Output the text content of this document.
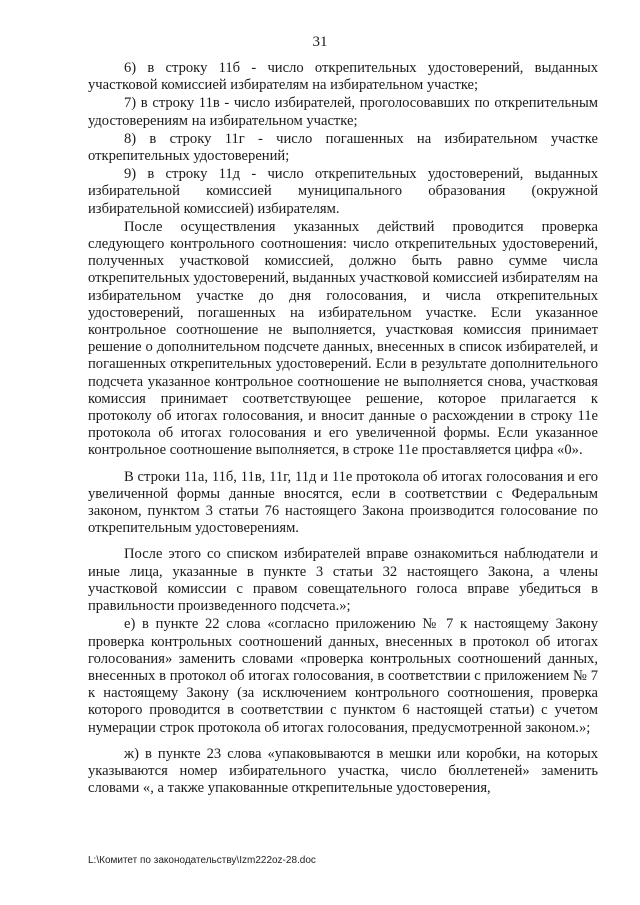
31

6) в строку 11б - число открепительных удостоверений, выданных участковой комиссией избирателям на избирательном участке;

7) в строку 11в - число избирателей, проголосовавших по открепительным удостоверениям на избирательном участке;

8) в строку 11г - число погашенных на избирательном участке открепительных удостоверений;

9) в строку 11д - число открепительных удостоверений, выданных избирательной комиссией муниципального образования (окружной избирательной комиссией) избирателям.

После осуществления указанных действий проводится проверка следующего контрольного соотношения: число открепительных удостоверений, полученных участковой комиссией, должно быть равно сумме числа открепительных удостоверений, выданных участковой комиссией избирателям на избирательном участке до дня голосования, и числа открепительных удостоверений, погашенных на избирательном участке. Если указанное контрольное соотношение не выполняется, участковая комиссия принимает решение о дополнительном подсчете данных, внесенных в список избирателей, и погашенных открепительных удостоверений. Если в результате дополнительного подсчета указанное контрольное соотношение не выполняется снова, участковая комиссия принимает соответствующее решение, которое прилагается к протоколу об итогах голосования, и вносит данные о расхождении в строку 11е протокола об итогах голосования и его увеличенной формы. Если указанное контрольное соотношение выполняется, в строке 11е проставляется цифра «0».

В строки 11а, 11б, 11в, 11г, 11д и 11е протокола об итогах голосования и его увеличенной формы данные вносятся, если в соответствии с Федеральным законом, пунктом 3 статьи 76 настоящего Закона производится голосование по открепительным удостоверениям.

После этого со списком избирателей вправе ознакомиться наблюдатели и иные лица, указанные в пункте 3 статьи 32 настоящего Закона, а члены участковой комиссии с правом совещательного голоса вправе убедиться в правильности произведенного подсчета.»;

е) в пункте 22 слова «согласно приложению № 7 к настоящему Закону проверка контрольных соотношений данных, внесенных в протокол об итогах голосования» заменить словами «проверка контрольных соотношений данных, внесенных в протокол об итогах голосования, в соответствии с приложением № 7 к настоящему Закону (за исключением контрольного соотношения, проверка которого проводится в соответствии с пунктом 6 настоящей статьи) с учетом нумерации строк протокола об итогах голосования, предусмотренной законом.»;

ж) в пункте 23 слова «упаковываются в мешки или коробки, на которых указываются номер избирательного участка, число бюллетеней» заменить словами «, а также упакованные открепительные удостоверения,

L:\Комитет по законодательству\Izm222oz-28.doc
